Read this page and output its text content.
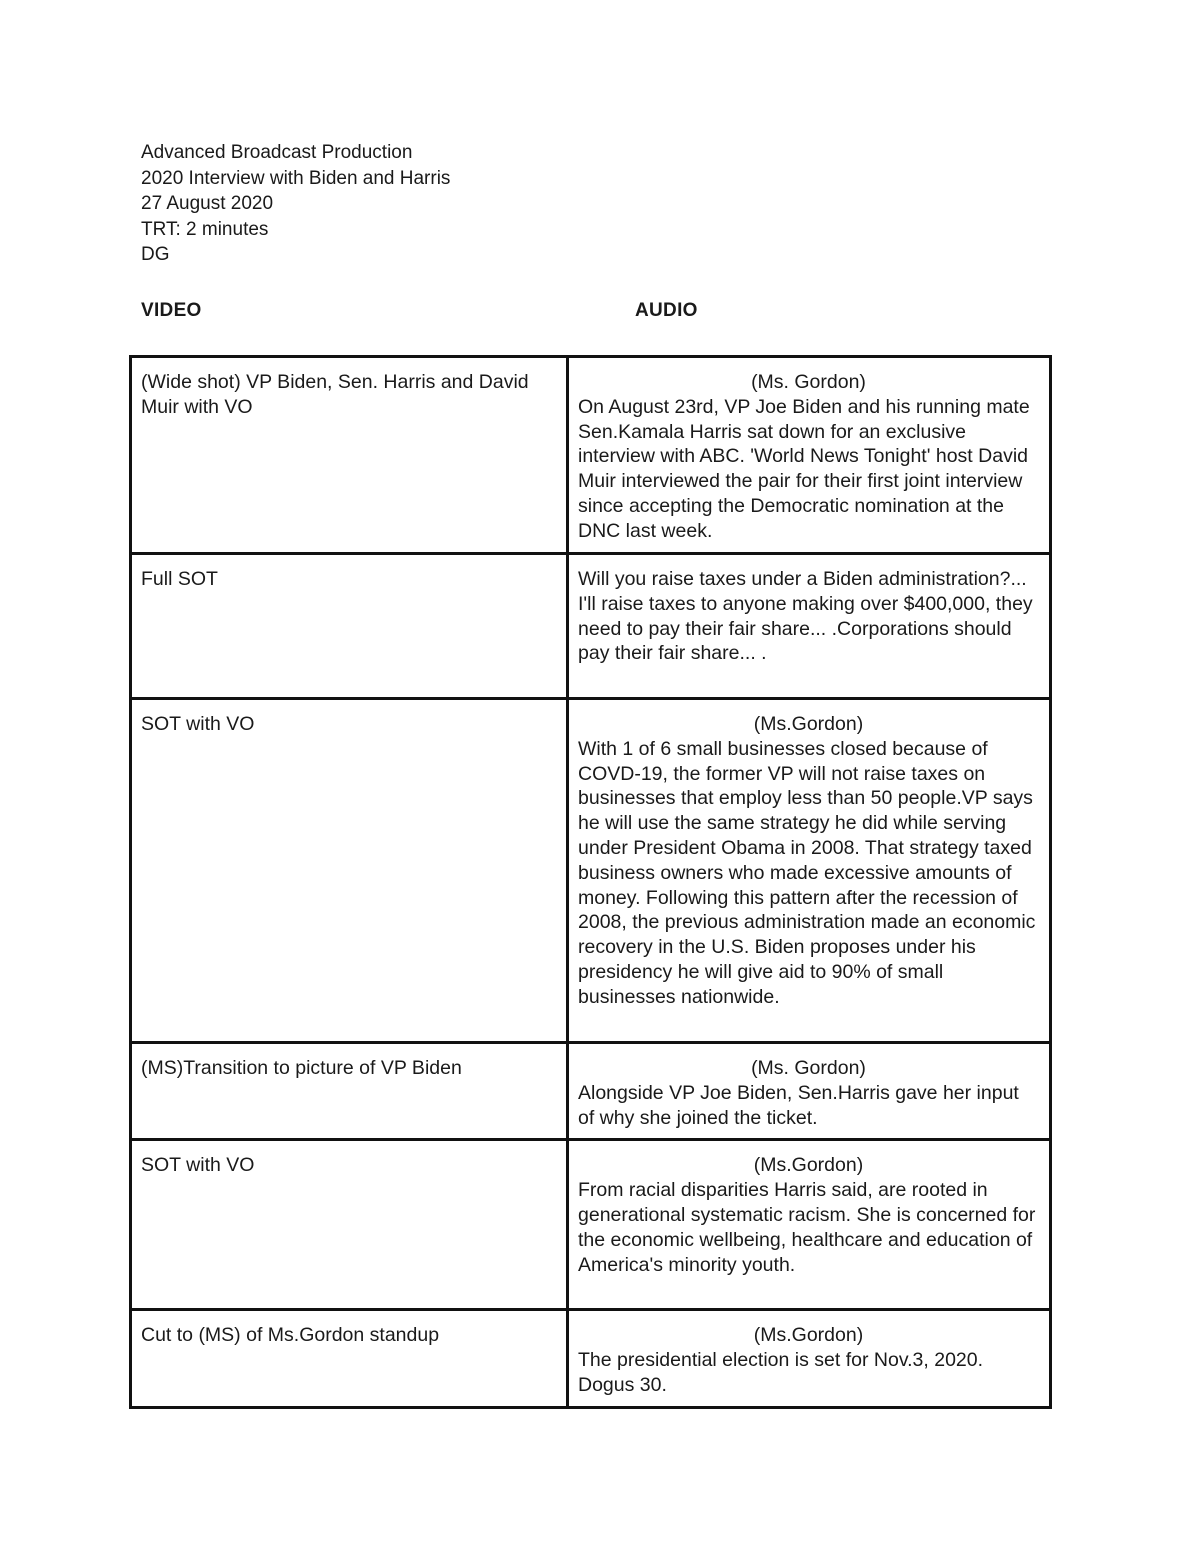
Advanced Broadcast Production
2020 Interview with Biden and Harris
27 August 2020
TRT: 2 minutes
DG
VIDEO	AUDIO
(Wide shot) VP Biden, Sen. Harris and David Muir with VO	(Ms. Gordon)
On August 23rd, VP Joe Biden and his running mate Sen.Kamala Harris sat down for an exclusive interview with ABC. 'World News Tonight' host David Muir interviewed the pair for their first joint interview since accepting the Democratic nomination at the DNC last week.

Full SOT	Will you raise taxes under a Biden administration?... I'll raise taxes to anyone making over $400,000, they need to pay their fair share... .Corporations should pay their fair share... .

SOT with VO	(Ms.Gordon)
With 1 of 6 small businesses closed because of COVD-19, the former VP will not raise taxes on businesses that employ less than 50 people.VP says he will use the same strategy he did while serving under President Obama in 2008. That strategy taxed business owners who made excessive amounts of money. Following this pattern after the recession of 2008, the previous administration made an economic recovery in the U.S. Biden proposes under his presidency he will give aid to 90% of small businesses nationwide.

(MS)Transition to picture of VP Biden	(Ms. Gordon)
Alongside VP Joe Biden, Sen.Harris gave her input of why she joined the ticket.

SOT with VO	(Ms.Gordon)
From racial disparities Harris said, are rooted in generational systematic racism. She is concerned for the economic wellbeing, healthcare and education of America's minority youth.

Cut to (MS) of Ms.Gordon standup	(Ms.Gordon)
The presidential election is set for Nov.3, 2020. Dogus 30.
